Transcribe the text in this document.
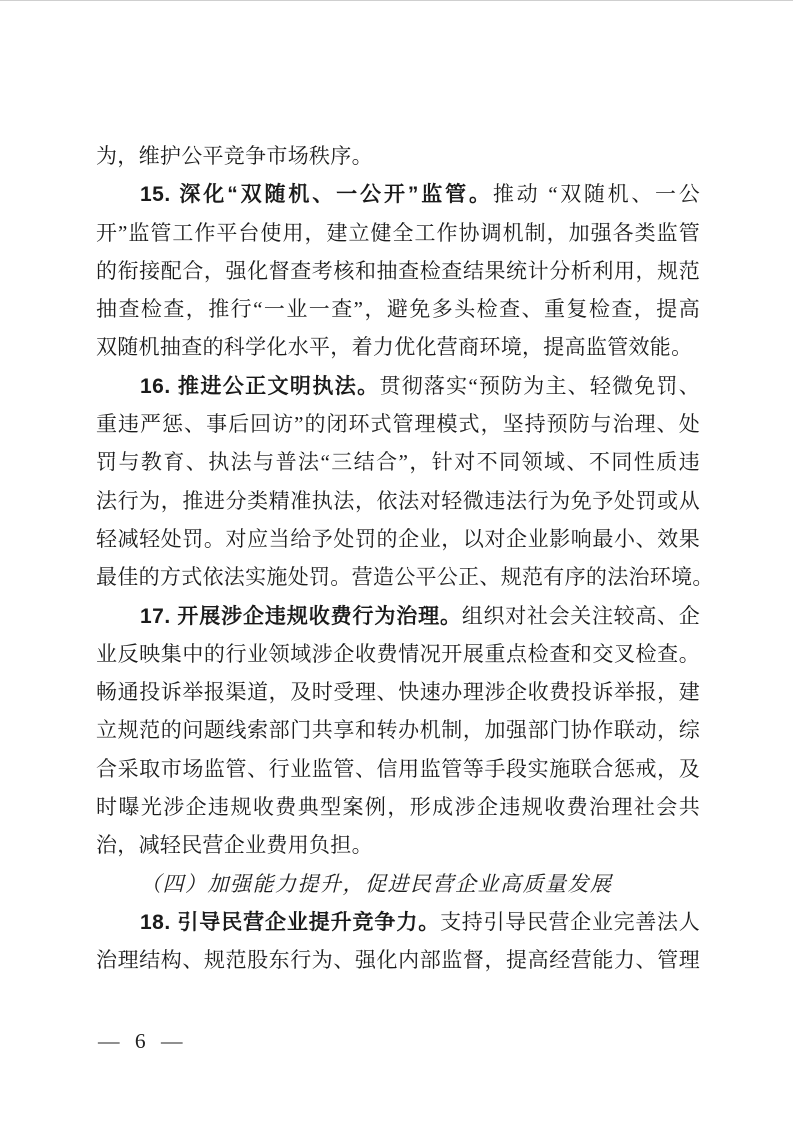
为，维护公平竞争市场秩序。
15. 深化“双随机、一公开”监管。推动 “双随机、一公
开”监管工作平台使用，建立健全工作协调机制，加强各类监管
的衔接配合，强化督查考核和抽查检查结果统计分析利用，规范
抽查检查，推行“一业一查”，避免多头检查、重复检查，提高
双随机抽查的科学化水平，着力优化营商环境，提高监管效能。
16. 推进公正文明执法。贯彻落实“预防为主、轻微免罚、
重违严惩、事后回访”的闭环式管理模式，坚持预防与治理、处
罚与教育、执法与普法“三结合”，针对不同领域、不同性质违
法行为，推进分类精准执法，依法对轻微违法行为免予处罚或从
轻减轻处罚。对应当给予处罚的企业，以对企业影响最小、效果
最佳的方式依法实施处罚。营造公平公正、规范有序的法治环境。
17. 开展涉企违规收费行为治理。组织对社会关注较高、企
业反映集中的行业领域涉企收费情况开展重点检查和交叉检查。
畅通投诉举报渠道，及时受理、快速办理涉企收费投诉举报，建
立规范的问题线索部门共享和转办机制，加强部门协作联动，综
合采取市场监管、行业监管、信用监管等手段实施联合惩戒，及
时曝光涉企违规收费典型案例，形成涉企违规收费治理社会共
治，减轻民营企业费用负担。
（四）加强能力提升，促进民营企业高质量发展
18. 引导民营企业提升竞争力。支持引导民营企业完善法人
治理结构、规范股东行为、强化内部监督，提高经营能力、管理
— 6 —
